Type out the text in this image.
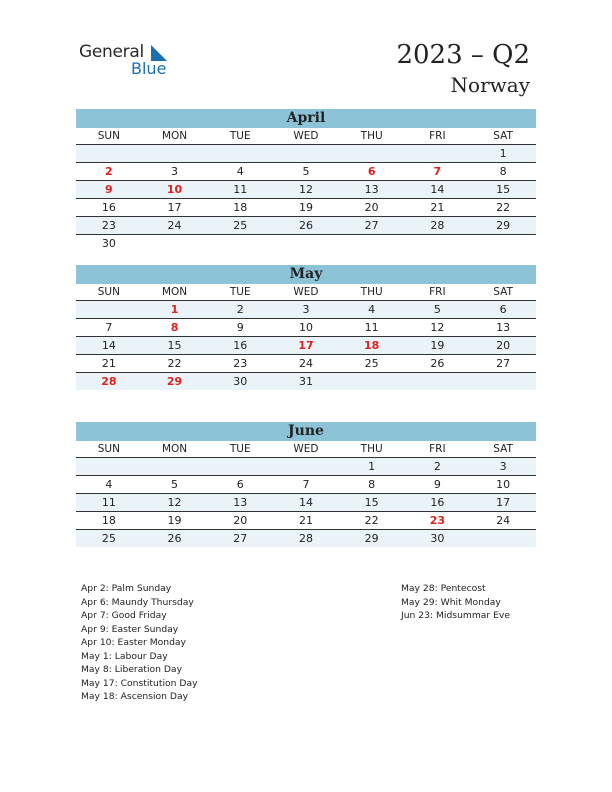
General
Blue	2023 – Q2
Norway
April
SUN	MON	TUE	WED	THU	FRI	SAT
						1
2	3	4	5	6	7	8
9	10	11	12	13	14	15
16	17	18	19	20	21	22
23	24	25	26	27	28	29
30						
May
SUN	MON	TUE	WED	THU	FRI	SAT
	1	2	3	4	5	6
7	8	9	10	11	12	13
14	15	16	17	18	19	20
21	22	23	24	25	26	27
28	29	30	31			
June
SUN	MON	TUE	WED	THU	FRI	SAT
				1	2	3
4	5	6	7	8	9	10
11	12	13	14	15	16	17
18	19	20	21	22	23	24
25	26	27	28	29	30	
Apr 2: Palm Sunday
Apr 6: Maundy Thursday
Apr 7: Good Friday
Apr 9: Easter Sunday
Apr 10: Easter Monday
May 1: Labour Day
May 8: Liberation Day
May 17: Constitution Day
May 18: Ascension Day
May 28: Pentecost
May 29: Whit Monday
Jun 23: Midsummar Eve
